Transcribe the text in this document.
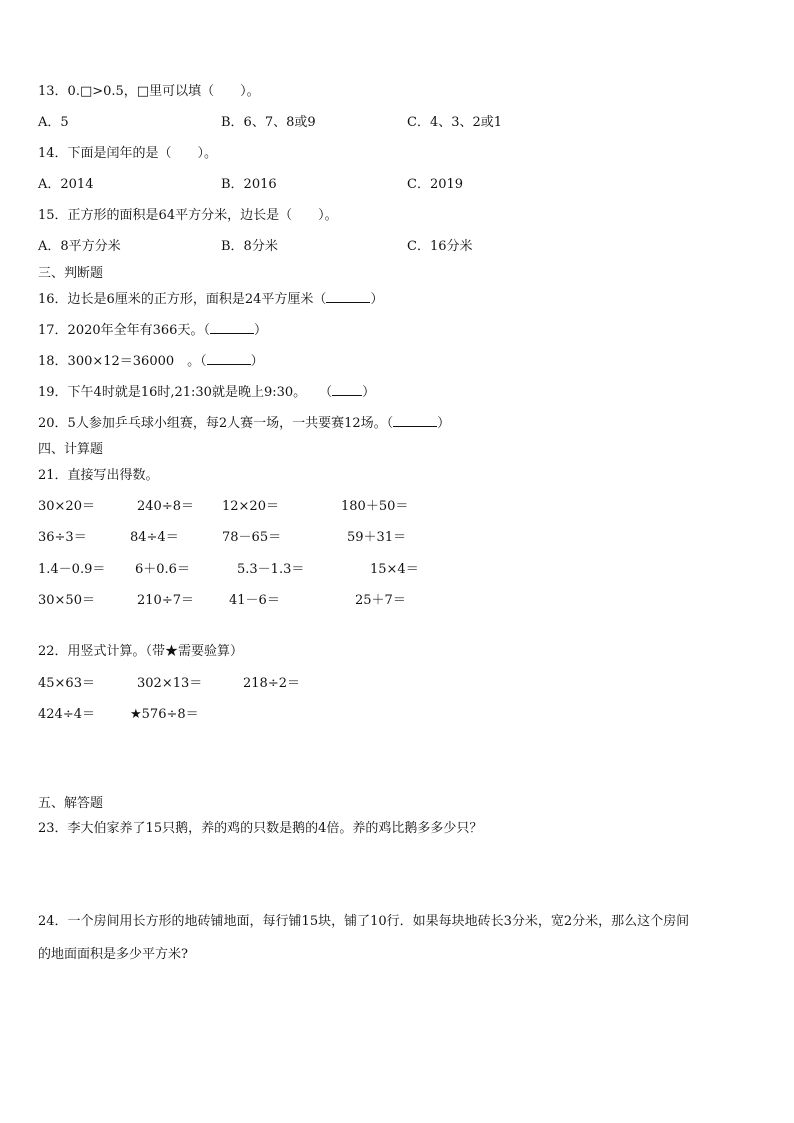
13．0.□>0.5，□里可以填（　　）。
A．5	B．6、7、8或9	C．4、3、2或1
14．下面是闰年的是（　　）。
A．2014	B．2016	C．2019
15．正方形的面积是64平方分米，边长是（　　）。
A．8平方分米	B．8分米	C．16分米
三、判断题
16．边长是6厘米的正方形，面积是24平方厘米（	）
17．2020年全年有366天。（	）
18．300×12＝36000　。（	）
19．下午4时就是16时,21:30就是晚上9:30。　　（ ）
20．5人参加乒乓球小组赛，每2人赛一场，一共要赛12场。（	）
四、计算题
21．直接写出得数。
30×20＝	240÷8＝ 12×20＝	180＋50＝
36÷3＝	84÷4＝	78－65＝	59＋31＝
1.4－0.9＝ 6＋0.6＝	5.3－1.3＝	15×4＝
30×50＝	210÷7＝	41－6＝	25＋7＝
22．用竖式计算。（带★需要验算）
45×63＝	302×13＝	218÷2＝
424÷4＝	★576÷8＝
五、解答题
23．李大伯家养了15只鹅，养的鸡的只数是鹅的4倍。养的鸡比鹅多多少只？
24．一个房间用长方形的地砖铺地面，每行铺15块，铺了10行．如果每块地砖长3分米，宽2分米，那么这个房间
的地面面积是多少平方米?
